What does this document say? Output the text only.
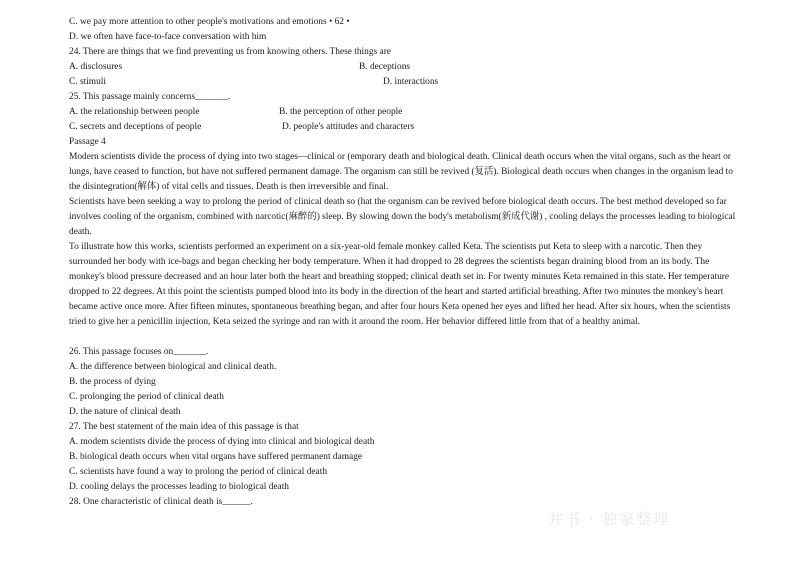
C. we pay more attention to other people's motivations and emotions • 62 •
D. we often have face-to-face conversation with him
24. There are things that we find preventing us from knowing others. These things are
A. disclosures	B. deceptions
C. stimuli	D. interactions
25. This passage mainly concerns_______.
A. the relationship between people	B. the perception of other people
C. secrets and deceptions of people	D. people's attitudes and characters
Passage 4
Modern scientists divide the process of dying into two stages—clinical or (emporary death and biological death. Clinical death occurs when the vital organs, such as the heart or lungs, have ceased to function, but have not suffered permanent damage. The organism can still be revived (复活). Biological death occurs when changes in the organism lead to the disintegration(解体) of vital cells and tissues. Death is then irreversible and final.
Scientists have been seeking a way to prolong the period of clinical death so (hat the organism can be revived before biological death occurs. The best method developed so far involves cooling of the organism, combined with narcotic(麻醉的) sleep. By slowing down the body's metabolism(新成代谢) , cooling delays the processes leading to biological death.
To illustrate how this works, scientists performed an experiment on a six-year-old female monkey called Keta. The scientists put Keta to sleep with a narcotic. Then they surrounded her body with ice-bags and began checking her body temperature. When it had dropped to 28 degrees the scientists began draining blood from an its body. The monkey's blood pressure decreased and an hour later both the heart and breathing stopped; clinical death set in. For twenty minutes Keta remained in this state. Her temperature dropped to 22 degrees. At this point the scientists pumped blood into its body in the direction of the heart and started artificial breathing. After two minutes the monkey's heart became active once more. After fifteen minutes, spontaneous breathing began, and after four hours Keta opened her eyes and lifted her head. After six hours, when the scientists tried to give her a penicillin injection, Keta seized the syringe and ran with it around the room. Her behavior differed little from that of a healthy animal.
26. This passage focuses on_______.
A. the difference between biological and clinical death.
B. the process of dying
C. prolonging the period of clinical death
D. the nature of clinical death
27. The best statement of the main idea of this passage is that
A. modem scientists divide the process of dying into clinical and biological death
B. biological death occurs when vital organs have suffered permanent damage
C. scientists have found a way to prolong the period of clinical death
D. cooling delays the processes leading to biological death
28. One characteristic of clinical death is______.
井书 · 独家整理
